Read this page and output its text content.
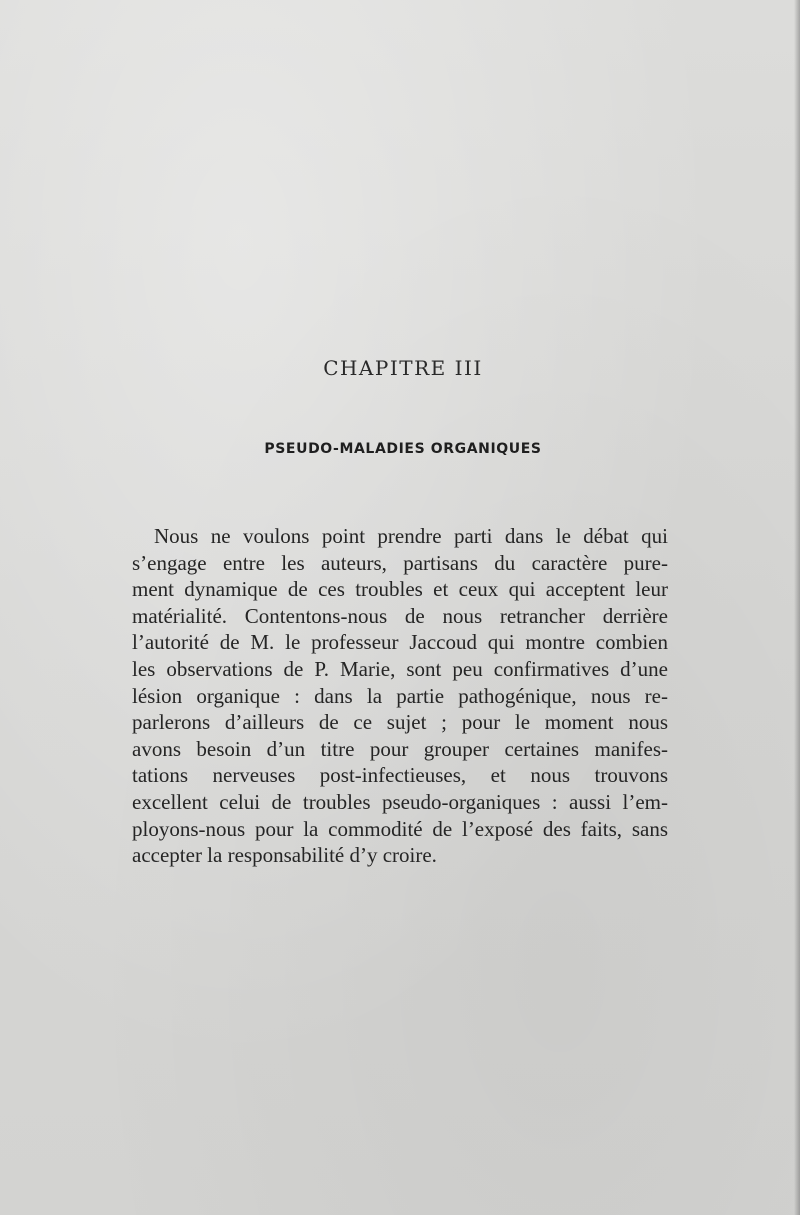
CHAPITRE III
PSEUDO-MALADIES ORGANIQUES
Nous ne voulons point prendre parti dans le débat qui
s’engage entre les auteurs, partisans du caractère pure-
ment dynamique de ces troubles et ceux qui acceptent leur
matérialité. Contentons-nous de nous retrancher derrière
l’autorité de M. le professeur Jaccoud qui montre combien
les observations de P. Marie, sont peu confirmatives d’une
lésion organique : dans la partie pathogénique, nous re-
parlerons d’ailleurs de ce sujet ; pour le moment nous
avons besoin d’un titre pour grouper certaines manifes-
tations nerveuses post-infectieuses, et nous trouvons
excellent celui de troubles pseudo-organiques : aussi l’em-
ployons-nous pour la commodité de l’exposé des faits, sans
accepter la responsabilité d’y croire.
